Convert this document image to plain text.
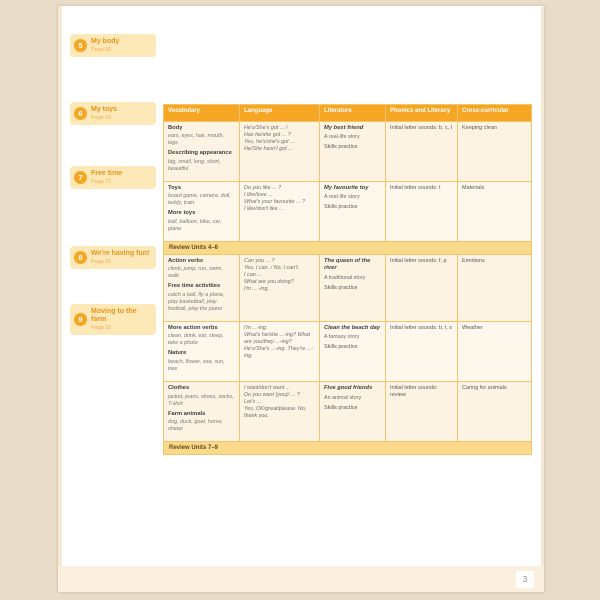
5	My body
Page 50
6	My toys
Page 60
7	Free time
Page 72
8	We're having fun!
Page 82
9
Moving to the farm
Page 92
Vocabulary	Language	Literature	Phonics and Literacy	Cross-curricular

Body
ears, eyes, hair, mouth, legs
Describing appearance
big, small, long, short, beautiful	He's/She's got ... /
Has he/she got ... ?
Yes, he's/she's got ...
He/She hasn't got ...	My best friend
A real-life story
Skills practice	Initial letter sounds: b, c, l	Keeping clean

Toys
board game, camera, doll, teddy, train
More toys
ball, balloon, bike, car, plane	Do you like ... ?
I like/love ...
What's your favourite ... ?
I like/don't like ...	My favourite toy
A real-life story
Skills practice	Initial letter sounds: t	Materials

Review Units 4–6				

Action verbs
climb, jump, run, swim, walk
Free time activities
catch a ball, fly a plane, play basketball, play football, play the piano	Can you ... ?
Yes, I can. / No, I can't.
I can ...
What are you doing?
I'm ... -ing.	The queen of the river
A traditional story
Skills practice	Initial letter sounds: f, p	Emotions

More action verbs
clean, drink, eat, sleep, take a photo
Nature
beach, flower, sea, sun, tree	I'm ...-ing.
What's he/she ...-ing? What are you/they ...-ing?
He's/She's ...-ing. They're ...-ing.	Clean the beach day
A fantasy story
Skills practice	Initial letter sounds: b, l, s	Weather

Clothes
jacket, jeans, shoes, socks, T-shirt
Farm animals
dog, duck, goat, horse, sheep	I want/don't want ...
Do you want (you)/ ... ?
Let's ...
Yes, OK/great/please. No, thank you.	Five good friends
An animal story
Skills practice	Initial letter sounds: review	Caring for animals

Review Units 7–9				
3
